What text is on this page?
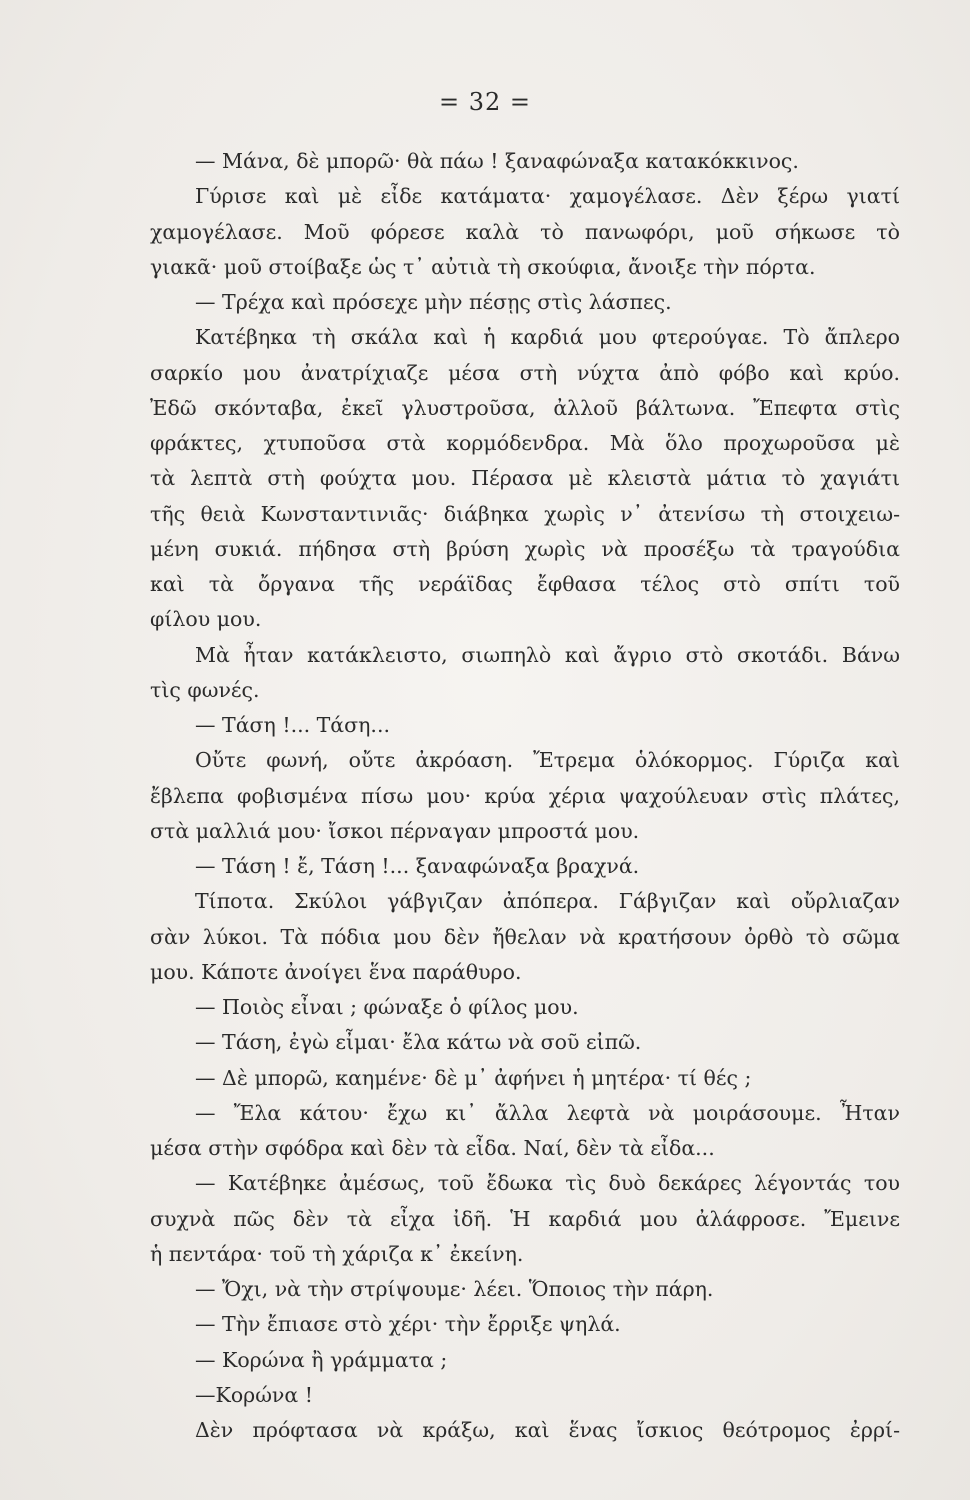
= 32 =
— Μάνα, δὲ μπορῶ· θὰ πάω ! ξαναφώναξα κατακόκκινος.
Γύρισε καὶ μὲ εἶδε κατάματα· χαμογέλασε. Δὲν ξέρω γιατί
χαμογέλασε. Μοῦ φόρεσε καλὰ τὸ πανωφόρι, μοῦ σήκωσε τὸ
γιακᾶ· μοῦ στοίβαξε ὡς τ᾽ αὐτιὰ τὴ σκούφια, ἄνοιξε τὴν πόρτα.
— Τρέχα καὶ πρόσεχε μὴν πέσῃς στὶς λάσπες.
Κατέβηκα τὴ σκάλα καὶ ἡ καρδιά μου φτερούγαε. Τὸ ἄπλερο
σαρκίο μου ἀνατρίχιαζε μέσα στὴ νύχτα ἀπὸ φόβο καὶ κρύο.
Ἐδῶ σκόνταβα, ἐκεῖ γλυστροῦσα, ἀλλοῦ βάλτωνα. Ἔπεφτα στὶς
φράκτες, χτυποῦσα στὰ κορμόδενδρα. Μὰ ὅλο προχωροῦσα μὲ
τὰ λεπτὰ στὴ φούχτα μου. Πέρασα μὲ κλειστὰ μάτια τὸ χαγιάτι
τῆς θειὰ Κωνσταντινιᾶς· διάβηκα χωρὶς ν᾽ ἀτενίσω τὴ στοιχειω-
μένη συκιά. πήδησα στὴ βρύση χωρὶς νὰ προσέξω τὰ τραγούδια
καὶ τὰ ὄργανα τῆς νεράϊδας ἔφθασα τέλος στὸ σπίτι τοῦ
φίλου μου.
Μὰ ἦταν κατάκλειστο, σιωπηλὸ καὶ ἄγριο στὸ σκοτάδι. Βάνω
τὶς φωνές.
— Τάση !... Τάση...
Οὔτε φωνή, οὔτε ἀκρόαση. Ἔτρεμα ὁλόκορμος. Γύριζα καὶ
ἔβλεπα φοβισμένα πίσω μου· κρύα χέρια ψαχούλευαν στὶς πλάτες,
στὰ μαλλιά μου· ἴσκοι πέρναγαν μπροστά μου.
— Τάση ! ἔ, Τάση !... ξαναφώναξα βραχνά.
Τίποτα. Σκύλοι γάβγιζαν ἀπόπερα. Γάβγιζαν καὶ οὔρλιαζαν
σὰν λύκοι. Τὰ πόδια μου δὲν ἤθελαν νὰ κρατήσουν ὀρθὸ τὸ σῶμα
μου. Κάποτε ἀνοίγει ἕνα παράθυρο.
— Ποιὸς εἶναι ; φώναξε ὁ φίλος μου.
— Τάση, ἐγὼ εἶμαι· ἔλα κάτω νὰ σοῦ εἰπῶ.
— Δὲ μπορῶ, καημένε· δὲ μ᾽ ἀφήνει ἡ μητέρα· τί θές ;
— Ἔλα κάτου· ἔχω κι᾽ ἄλλα λεφτὰ νὰ μοιράσουμε. Ἦταν
μέσα στὴν σφόδρα καὶ δὲν τὰ εἶδα. Ναί, δὲν τὰ εἶδα...
— Κατέβηκε ἀμέσως, τοῦ ἔδωκα τὶς δυὸ δεκάρες λέγοντάς του
συχνὰ πῶς δὲν τὰ εἶχα ἰδῆ. Ἡ καρδιά μου ἀλάφροσε. Ἔμεινε
ἡ πεντάρα· τοῦ τὴ χάριζα κ᾽ ἐκείνη.
— Ὄχι, νὰ τὴν στρίψουμε· λέει. Ὅποιος τὴν πάρη.
— Τὴν ἔπιασε στὸ χέρι· τὴν ἔρριξε ψηλά.
— Κορώνα ἢ γράμματα ;
—Κορώνα !
Δὲν πρόφτασα νὰ κράξω, καὶ ἕνας ἴσκιος θεότρομος ἐρρί-
